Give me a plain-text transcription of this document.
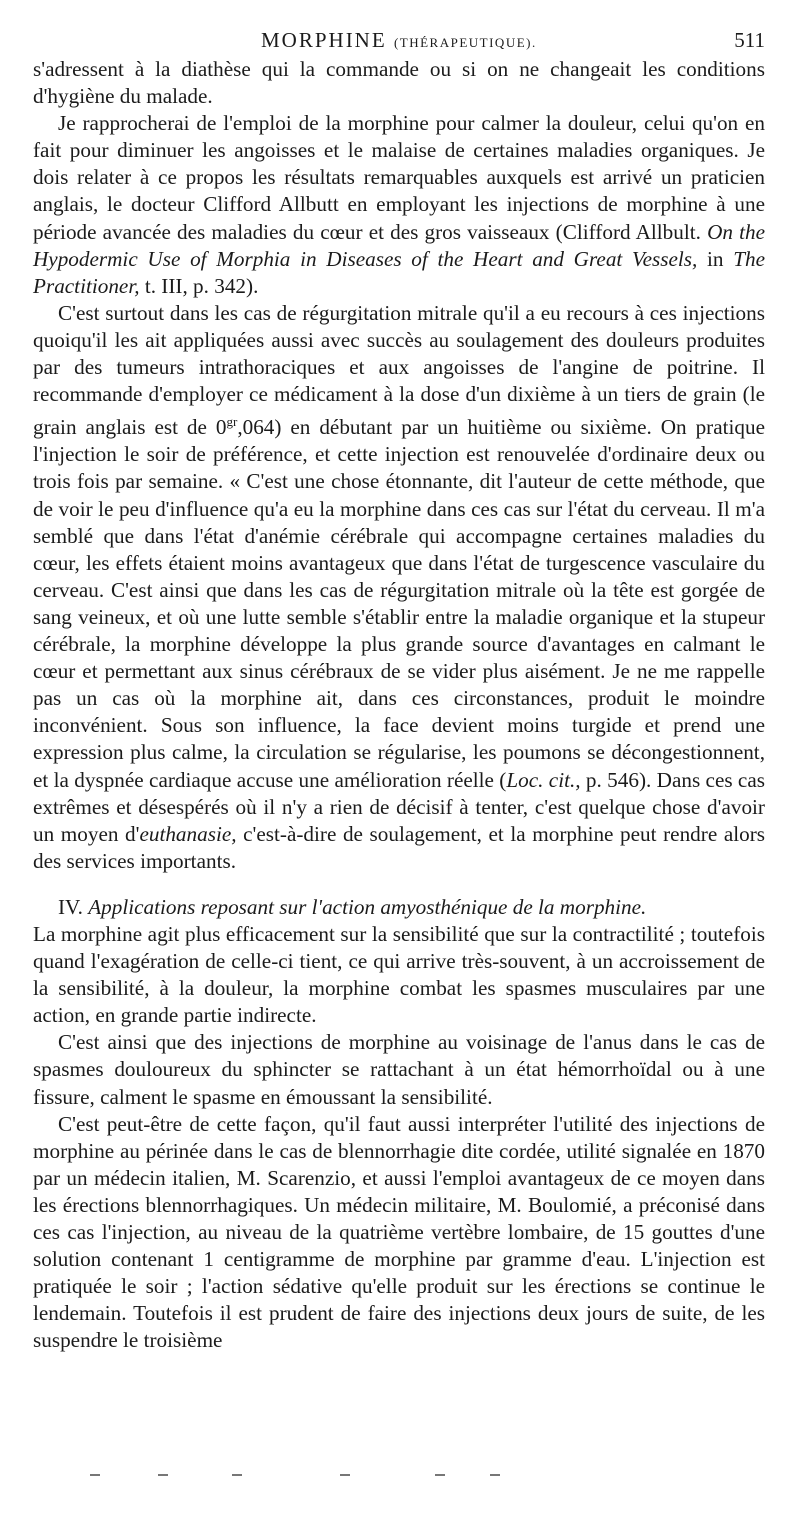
MORPHINE (THÉRAPEUTIQUE).	511

s'adressent à la diathèse qui la commande ou si on ne changeait les conditions d'hygiène du malade.

Je rapprocherai de l'emploi de la morphine pour calmer la douleur, celui qu'on en fait pour diminuer les angoisses et le malaise de certaines maladies organiques. Je dois relater à ce propos les résultats remarquables auxquels est arrivé un praticien anglais, le docteur Clifford Allbutt en employant les injections de morphine à une période avancée des maladies du cœur et des gros vaisseaux (Clifford Allbult. On the Hypodermic Use of Morphia in Diseases of the Heart and Great Vessels, in The Practitioner, t. III, p. 342).

C'est surtout dans les cas de régurgitation mitrale qu'il a eu recours à ces injections quoiqu'il les ait appliquées aussi avec succès au soulagement des douleurs produites par des tumeurs intrathoraciques et aux angoisses de l'angine de poitrine. Il recommande d'employer ce médicament à la dose d'un dixième à un tiers de grain (le grain anglais est de $0^{gr},064$) en débutant par un huitième ou sixième. On pratique l'injection le soir de préférence, et cette injection est renouvelée d'ordinaire deux ou trois fois par semaine. « C'est une chose étonnante, dit l'auteur de cette méthode, que de voir le peu d'influence qu'a eu la morphine dans ces cas sur l'état du cerveau. Il m'a semblé que dans l'état d'anémie cérébrale qui accompagne certaines maladies du cœur, les effets étaient moins avantageux que dans l'état de turgescence vasculaire du cerveau. C'est ainsi que dans les cas de régurgitation mitrale où la tête est gorgée de sang veineux, et où une lutte semble s'établir entre la maladie organique et la stupeur cérébrale, la morphine développe la plus grande source d'avantages en calmant le cœur et permettant aux sinus cérébraux de se vider plus aisément. Je ne me rappelle pas un cas où la morphine ait, dans ces circonstances, produit le moindre inconvénient. Sous son influence, la face devient moins turgide et prend une expression plus calme, la circulation se régularise, les poumons se décongestionnent, et la dyspnée cardiaque accuse une amélioration réelle (Loc. cit., p. 546). Dans ces cas extrêmes et désespérés où il n'y a rien de décisif à tenter, c'est quelque chose d'avoir un moyen d'euthanasie, c'est-à-dire de soulagement, et la morphine peut rendre alors des services importants.

IV. Applications reposant sur l'action amyosthénique de la morphine.

La morphine agit plus efficacement sur la sensibilité que sur la contractilité ; toutefois quand l'exagération de celle-ci tient, ce qui arrive très-souvent, à un accroissement de la sensibilité, à la douleur, la morphine combat les spasmes musculaires par une action, en grande partie indirecte.

C'est ainsi que des injections de morphine au voisinage de l'anus dans le cas de spasmes douloureux du sphincter se rattachant à un état hémorrhoïdal ou à une fissure, calment le spasme en émoussant la sensibilité.

C'est peut-être de cette façon, qu'il faut aussi interpréter l'utilité des injections de morphine au périnée dans le cas de blennorrhagie dite cordée, utilité signalée en 1870 par un médecin italien, M. Scarenzio, et aussi l'emploi avantageux de ce moyen dans les érections blennorrhagiques. Un médecin militaire, M. Boulomié, a préconisé dans ces cas l'injection, au niveau de la quatrième vertèbre lombaire, de 15 gouttes d'une solution contenant 1 centigramme de morphine par gramme d'eau. L'injection est pratiquée le soir ; l'action sédative qu'elle produit sur les érections se continue le lendemain. Toutefois il est prudent de faire des injections deux jours de suite, de les suspendre le troisième
